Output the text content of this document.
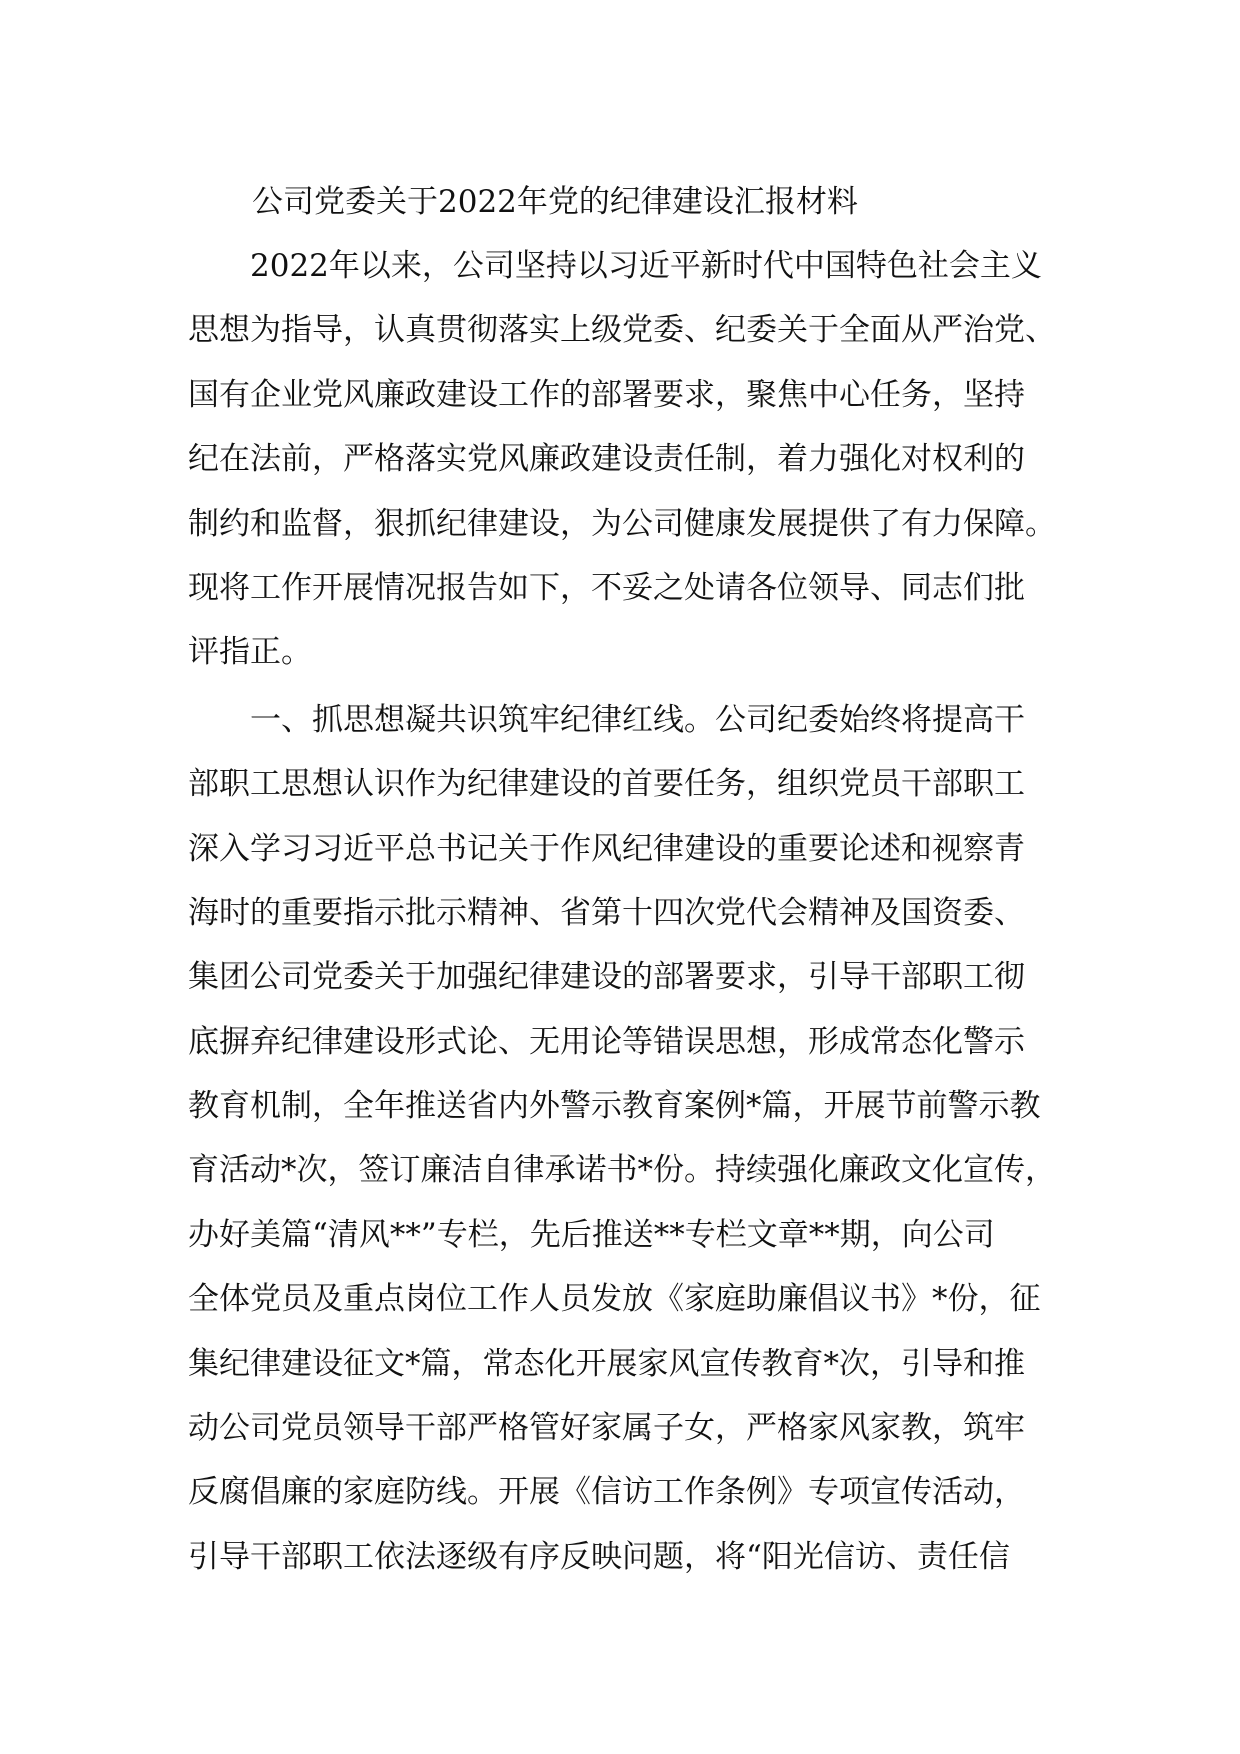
公司党委关于2022年党的纪律建设汇报材料
2022年以来，公司坚持以习近平新时代中国特色社会主义
思想为指导，认真贯彻落实上级党委、纪委关于全面从严治党、
国有企业党风廉政建设工作的部署要求，聚焦中心任务，坚持
纪在法前，严格落实党风廉政建设责任制，着力强化对权利的
制约和监督，狠抓纪律建设，为公司健康发展提供了有力保障。
现将工作开展情况报告如下，不妥之处请各位领导、同志们批
评指正。
一、抓思想凝共识筑牢纪律红线。公司纪委始终将提高干
部职工思想认识作为纪律建设的首要任务，组织党员干部职工
深入学习习近平总书记关于作风纪律建设的重要论述和视察青
海时的重要指示批示精神、省第十四次党代会精神及国资委、
集团公司党委关于加强纪律建设的部署要求，引导干部职工彻
底摒弃纪律建设形式论、无用论等错误思想，形成常态化警示
教育机制，全年推送省内外警示教育案例*篇，开展节前警示教
育活动*次，签订廉洁自律承诺书*份。持续强化廉政文化宣传，
办好美篇“清风**”专栏，先后推送**专栏文章**期，向公司
全体党员及重点岗位工作人员发放《家庭助廉倡议书》*份，征
集纪律建设征文*篇，常态化开展家风宣传教育*次，引导和推
动公司党员领导干部严格管好家属子女，严格家风家教，筑牢
反腐倡廉的家庭防线。开展《信访工作条例》专项宣传活动，
引导干部职工依法逐级有序反映问题，将“阳光信访、责任信
